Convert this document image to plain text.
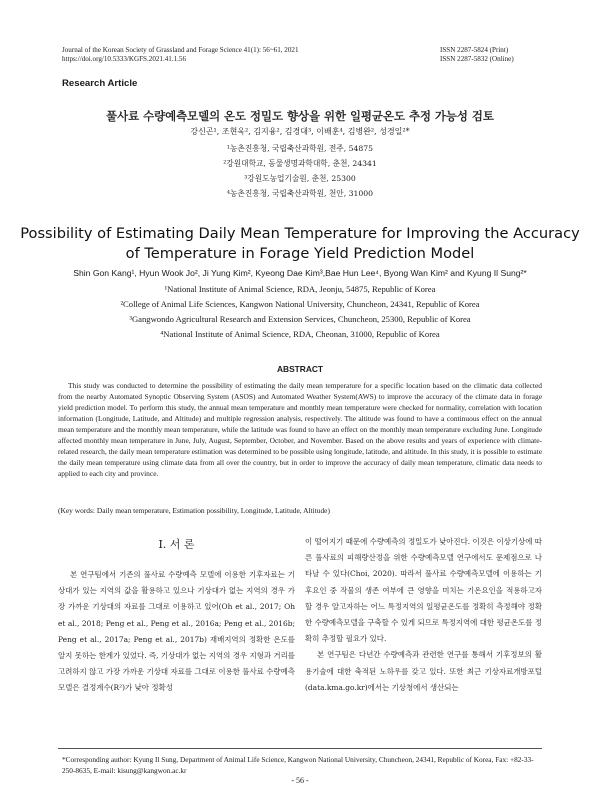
Journal of the Korean Society of Grassland and Forage Science 41(1): 56~61, 2021
https://doi.org/10.5333/KGFS.2021.41.1.56
ISSN 2287-5824 (Print)
ISSN 2287-5832 (Online)
Research Article
풀사료 수량예측모델의 온도 정밀도 향상을 위한 일평균온도 추정 가능성 검토
강신곤¹, 조현욱², 김지융², 김경대³, 이배훈⁴, 김병완², 성경일²*
¹농촌진흥청, 국립축산과학원, 전주, 54875
²강원대학교, 동물생명과학대학, 춘천, 24341
³강원도농업기술원, 춘천, 25300
⁴농촌진흥청, 국립축산과학원, 천안, 31000
Possibility of Estimating Daily Mean Temperature for Improving the Accuracy
of Temperature in Forage Yield Prediction Model
Shin Gon Kang¹, Hyun Wook Jo², Ji Yung Kim², Kyeong Dae Kim³,Bae Hun Lee⁴, Byong Wan Kim² and Kyung Il Sung²*
¹National Institute of Animal Science, RDA, Jeonju, 54875, Republic of Korea
²College of Animal Life Sciences, Kangwon National University, Chuncheon, 24341, Republic of Korea
³Gangwondo Agricultural Research and Extension Services, Chuncheon, 25300, Republic of Korea
⁴National Institute of Animal Science, RDA, Cheonan, 31000, Republic of Korea
ABSTRACT
This study was conducted to determine the possibility of estimating the daily mean temperature for a specific location based on the climatic data collected from the nearby Automated Synoptic Observing System (ASOS) and Automated Weather System(AWS) to improve the accuracy of the climate data in forage yield prediction model. To perform this study, the annual mean temperature and monthly mean temperature were checked for normality, correlation with location information (Longitude, Latitude, and Altitude) and multiple regression analysis, respectively. The altitude was found to have a continuous effect on the annual mean temperature and the monthly mean temperature, while the latitude was found to have an effect on the monthly mean temperature excluding June. Longitude affected monthly mean temperature in June, July, August, September, October, and November. Based on the above results and years of experience with climate-related research, the daily mean temperature estimation was determined to be possible using longitude, latitude, and altitude. In this study, it is possible to estimate the daily mean temperature using climate data from all over the country, but in order to improve the accuracy of daily mean temperature, climatic data needs to applied to each city and province.
(Key words: Daily mean temperature, Estimation possibility, Longitude, Latitude, Altitude)
Ⅰ. 서 론
본 연구팀에서 기존의 풀사료 수량예측 모델에 이용한 기후자료는 기상대가 있는 지역의 값을 활용하고 있으나 기상대가 없는 지역의 경우 가장 가까운 기상대의 자료를 그대로 이용하고 있어(Oh et al., 2017; Oh et al., 2018; Peng et al., Peng et al., 2016a; Peng et al., 2016b; Peng et al., 2017a; Peng et al., 2017b) 재배지역의 정확한 온도를 알지 못하는 한계가 있었다. 즉, 기상대가 없는 지역의 경우 지형과 거리를 고려하지 않고 가장 가까운 기상대 자료를 그대로 이용한 풀사료 수량예측모델은 결정계수(R²)가 낮아 정확성

이 떨어지기 때문에 수량예측의 정밀도가 낮아진다. 이것은 이상기상에 따른 풀사료의 피해량산정을 위한 수량예측모델 연구에서도 문제점으로 나타날 수 있다(Choi, 2020). 따라서 풀사료 수량예측모델에 이용하는 기후요인 중 작물의 생존 여부에 큰 영향을 미치는 기온요인을 적용하고자 할 경우 알고자하는 어느 특정지역의 일평균온도를 정확히 측정해야 정확한 수량예측모델을 구축할 수 있게 되므로 특정지역에 대한 평균온도를 정확히 추정할 필요가 있다.

본 연구팀은 다년간 수량예측과 관련한 연구를 통해서 기후정보의 활용기술에 대한 축적된 노하우를 갖고 있다. 또한 최근 기상자료개방포털(data.kma.go.kr)에서는 기상청에서 생산되는

*Corresponding author: Kyung Il Sung, Department of Animal Life Science, Kangwon National University, Chuncheon, 24341, Republic of Korea, Fax: +82-33-250-8635, E-mail: kisung@kangwon.ac.kr
- 56 -
